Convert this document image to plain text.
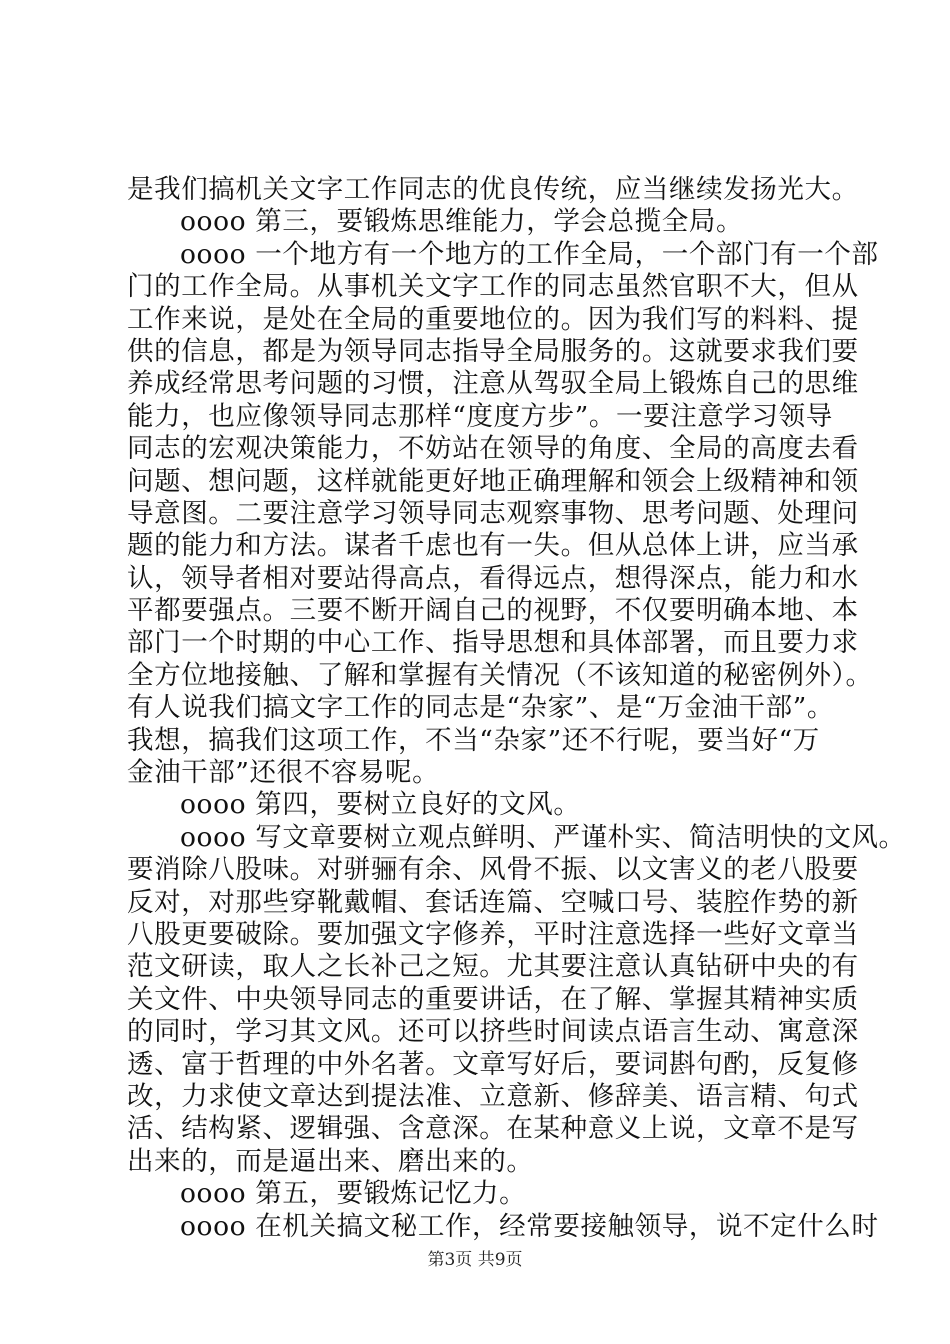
是我们搞机关文字工作同志的优良传统，应当继续发扬光大。
oooo 第三，要锻炼思维能力，学会总揽全局。
oooo 一个地方有一个地方的工作全局，一个部门有一个部
门的工作全局。从事机关文字工作的同志虽然官职不大，但从
工作来说，是处在全局的重要地位的。因为我们写的料料、提
供的信息，都是为领导同志指导全局服务的。这就要求我们要
养成经常思考问题的习惯，注意从驾驭全局上锻炼自己的思维
能力，也应像领导同志那样“度度方步”。一要注意学习领导
同志的宏观决策能力，不妨站在领导的角度、全局的高度去看
问题、想问题，这样就能更好地正确理解和领会上级精神和领
导意图。二要注意学习领导同志观察事物、思考问题、处理问
题的能力和方法。谋者千虑也有一失。但从总体上讲，应当承
认，领导者相对要站得高点，看得远点，想得深点，能力和水
平都要强点。三要不断开阔自己的视野，不仅要明确本地、本
部门一个时期的中心工作、指导思想和具体部署，而且要力求
全方位地接触、了解和掌握有关情况（不该知道的秘密例外）。
有人说我们搞文字工作的同志是“杂家”、是“万金油干部”。
我想，搞我们这项工作，不当“杂家”还不行呢，要当好“万
金油干部”还很不容易呢。
oooo 第四，要树立良好的文风。
oooo 写文章要树立观点鲜明、严谨朴实、简洁明快的文风。
要消除八股味。对骈骊有余、风骨不振、以文害义的老八股要
反对，对那些穿靴戴帽、套话连篇、空喊口号、装腔作势的新
八股更要破除。要加强文字修养，平时注意选择一些好文章当
范文研读，取人之长补己之短。尤其要注意认真钻研中央的有
关文件、中央领导同志的重要讲话，在了解、掌握其精神实质
的同时，学习其文风。还可以挤些时间读点语言生动、寓意深
透、富于哲理的中外名著。文章写好后，要词斟句酌，反复修
改，力求使文章达到提法准、立意新、修辞美、语言精、句式
活、结构紧、逻辑强、含意深。在某种意义上说，文章不是写
出来的，而是逼出来、磨出来的。
oooo 第五，要锻炼记忆力。
oooo 在机关搞文秘工作，经常要接触领导，说不定什么时
第3页 共9页
